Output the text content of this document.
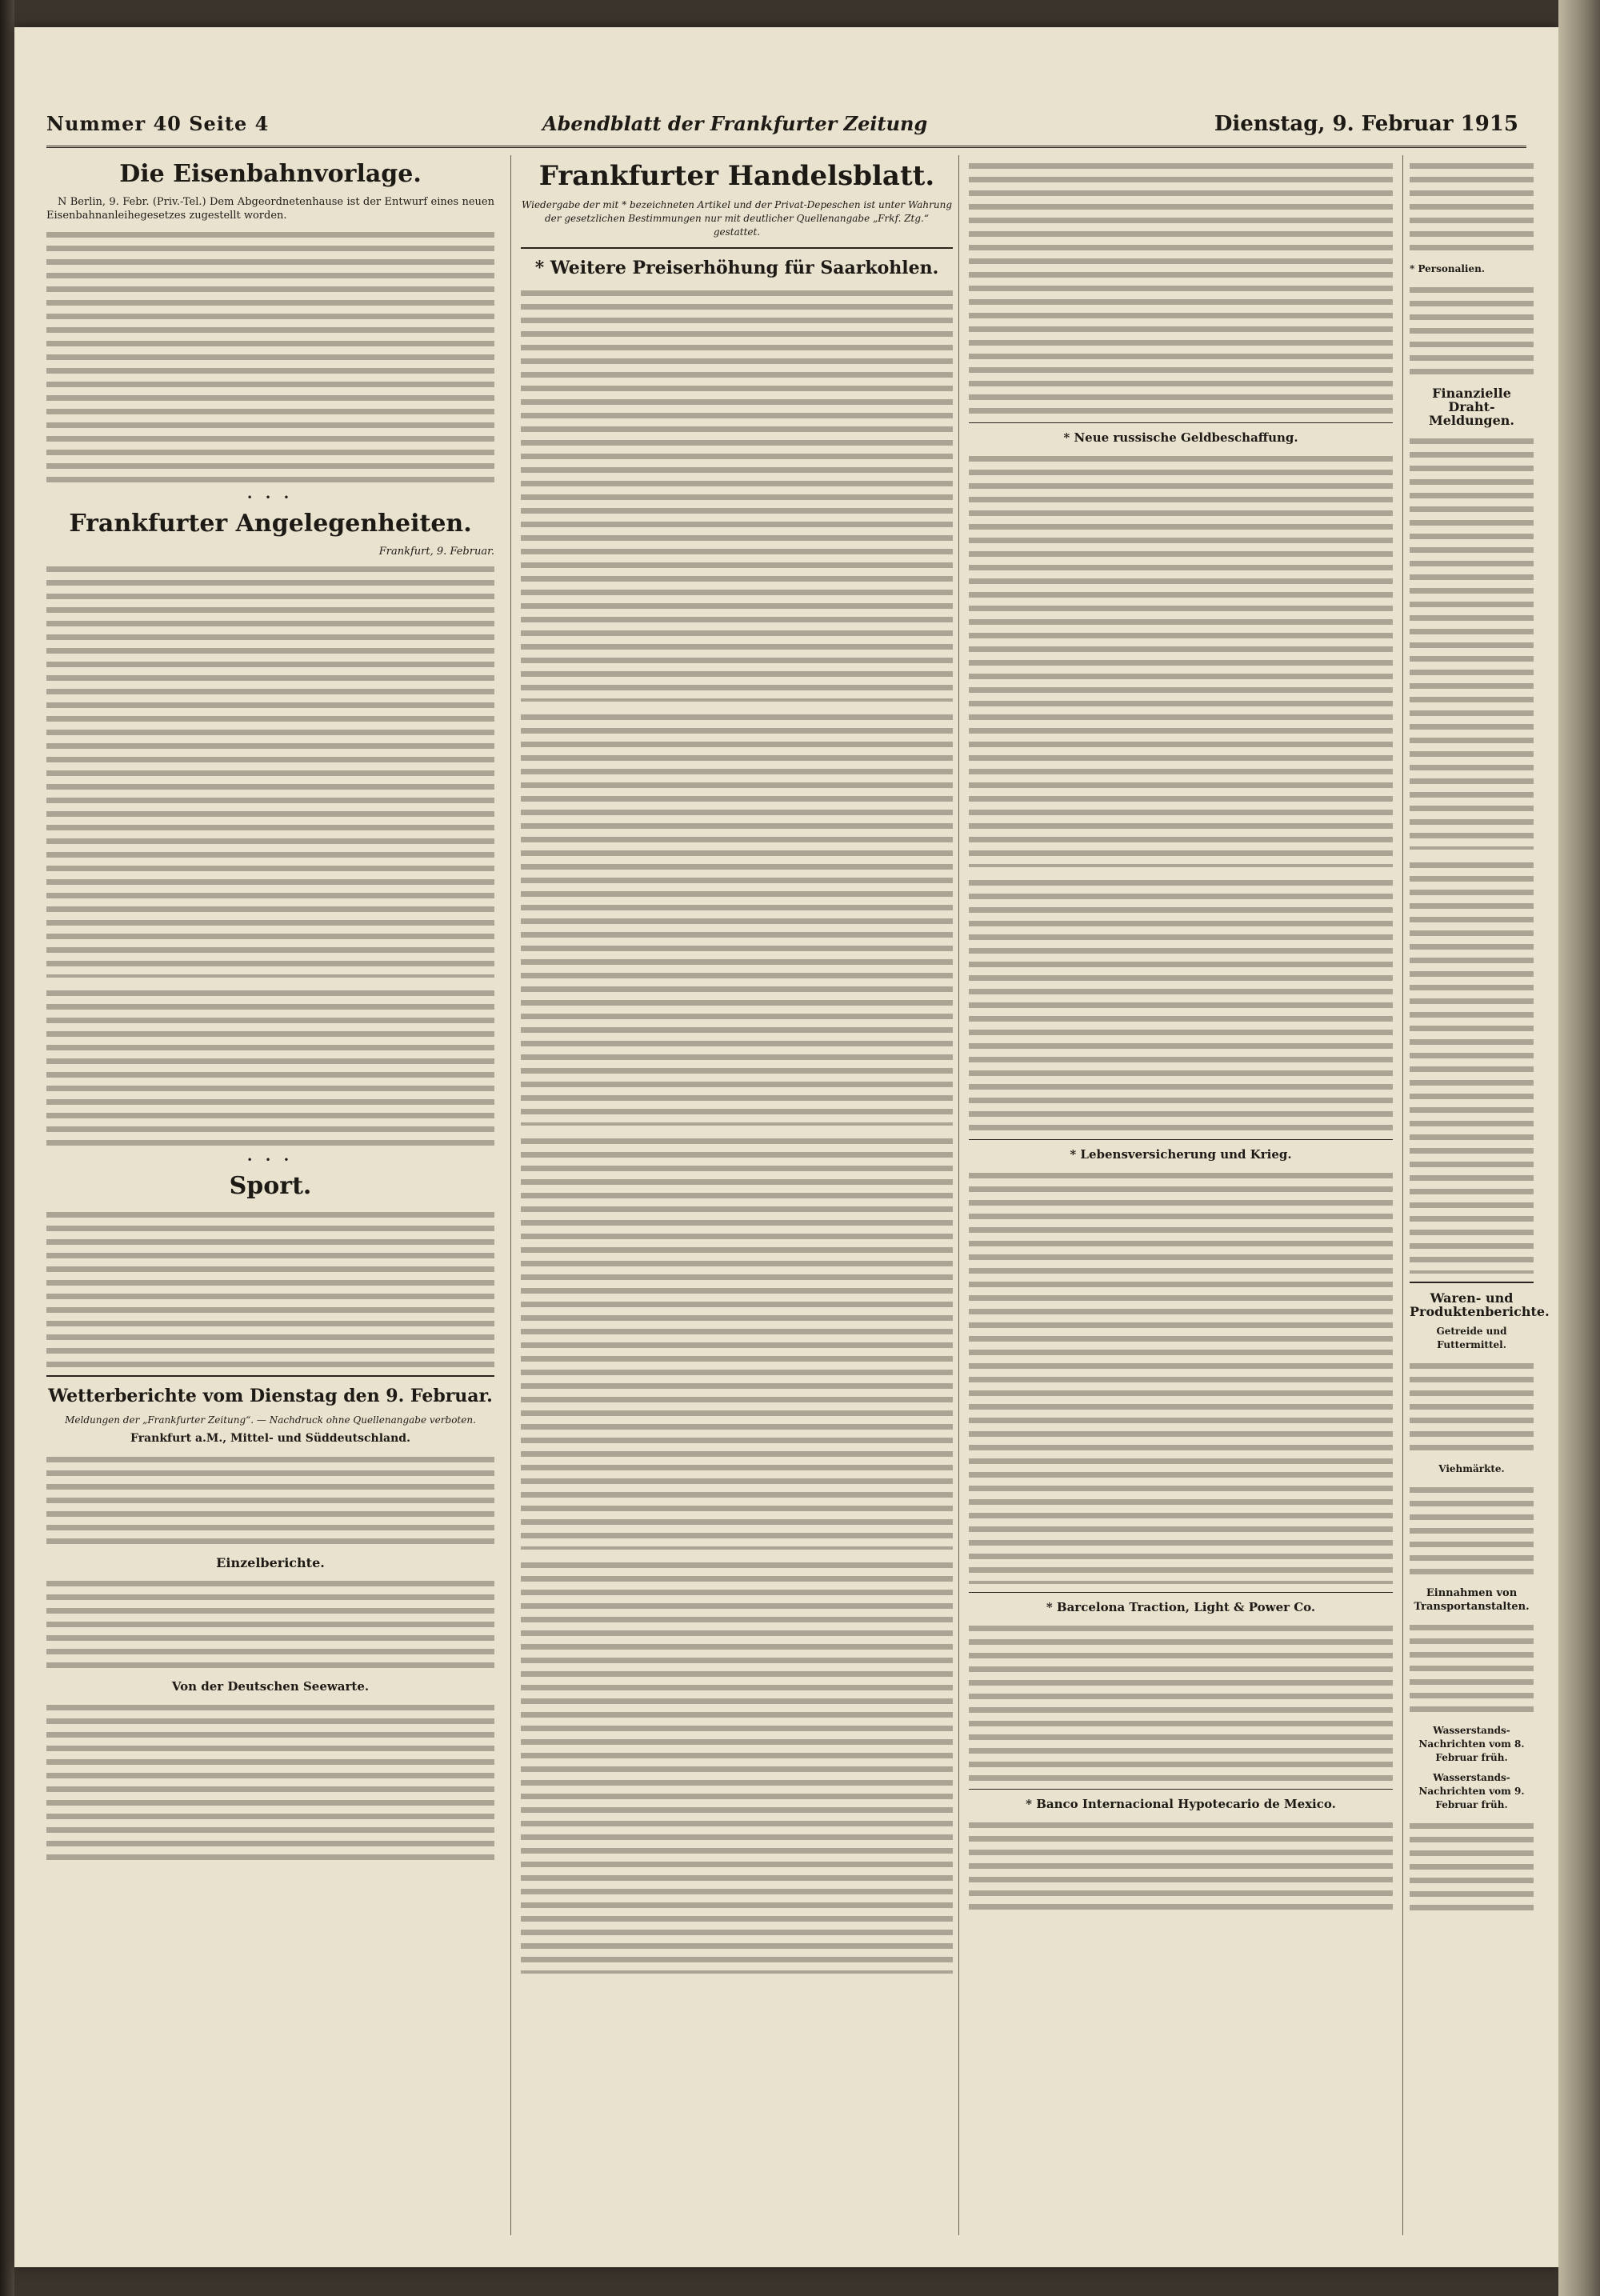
Nummer 40 Seite 4	Abendblatt der Frankfurter Zeitung	Dienstag, 9. Februar 1915
Die Eisenbahnvorlage.

N Berlin, 9. Febr. (Priv.-Tel.) Dem Abgeordnetenhause ist der Entwurf eines neuen Eisenbahnanleihegesetzes zugestellt worden.

• • •
Frankfurter Angelegenheiten.
Frankfurt, 9. Februar.
• • •
Sport.
Wetterberichte vom Dienstag den 9. Februar.
Meldungen der „Frankfurter Zeitung“. — Nachdruck ohne Quellenangabe verboten.
Frankfurt a.M., Mittel- und Süddeutschland.
Einzelberichte.
Von der Deutschen Seewarte.
Frankfurter Handelsblatt.
Wiedergabe der mit * bezeichneten Artikel und der Privat-Depeschen ist unter Wahrung der gesetzlichen Bestimmungen nur mit deutlicher Quellenangabe „Frkf. Ztg.“ gestattet.
* Weitere Preiserhöhung für Saarkohlen.
* Neue russische Geldbeschaffung.
* Lebensversicherung und Krieg.
* Barcelona Traction, Light & Power Co.
* Banco Internacional Hypotecario de Mexico.
* Personalien.
Finanzielle Draht-Meldungen.
Waren- und Produktenberichte.
Getreide und Futtermittel.
Viehmärkte.
Einnahmen von Transportanstalten.
Wasserstands-Nachrichten vom 8. Februar früh.
Wasserstands-Nachrichten vom 9. Februar früh.
